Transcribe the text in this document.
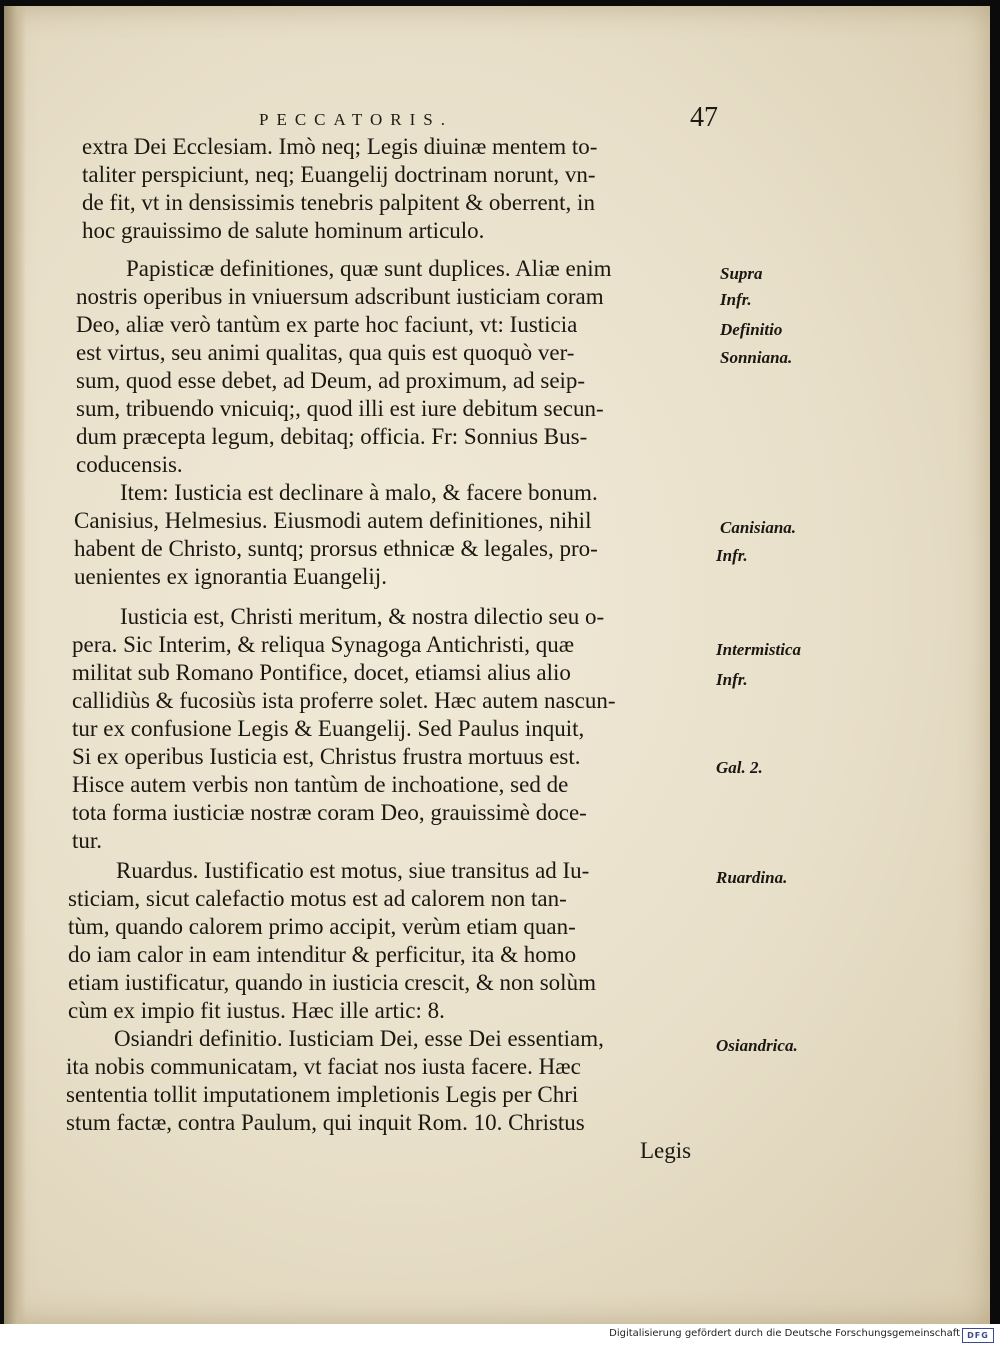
PECCATORIS.	47
extra Dei Ecclesiam. Imò neq; Legis diuinæ mentem to-
taliter perspiciunt, neq; Euangelij doctrinam norunt, vn-
de fit, vt in densissimis tenebris palpitent & oberrent, in
hoc grauissimo de salute hominum articulo.
Papisticæ definitiones, quæ sunt duplices. Aliæ enim
nostris operibus in vniuersum adscribunt iusticiam coram
Deo, aliæ verò tantùm ex parte hoc faciunt, vt: Iusticia
est virtus, seu animi qualitas, qua quis est quoquò ver-
sum, quod esse debet, ad Deum, ad proximum, ad seip-
sum, tribuendo vnicuiq;, quod illi est iure debitum secun-
dum præcepta legum, debitaq; officia. Fr: Sonnius Bus-
coducensis.
Item: Iusticia est declinare à malo, & facere bonum.
Canisius, Helmesius. Eiusmodi autem definitiones, nihil
habent de Christo, suntq; prorsus ethnicæ & legales, pro-
uenientes ex ignorantia Euangelij.
Iusticia est, Christi meritum, & nostra dilectio seu o-
pera. Sic Interim, & reliqua Synagoga Antichristi, quæ
militat sub Romano Pontifice, docet, etiamsi alius alio
callidiùs & fucosiùs ista proferre solet. Hæc autem nascun-
tur ex confusione Legis & Euangelij. Sed Paulus inquit,
Si ex operibus Iusticia est, Christus frustra mortuus est.
Hisce autem verbis non tantùm de inchoatione, sed de
tota forma iusticiæ nostræ coram Deo, grauissimè doce-
tur.
Ruardus. Iustificatio est motus, siue transitus ad Iu-
sticiam, sicut calefactio motus est ad calorem non tan-
tùm, quando calorem primo accipit, verùm etiam quan-
do iam calor in eam intenditur & perficitur, ita & homo
etiam iustificatur, quando in iusticia crescit, & non solùm
cùm ex impio fit iustus. Hæc ille artic: 8.
Osiandri definitio. Iusticiam Dei, esse Dei essentiam,
ita nobis communicatam, vt faciat nos iusta facere. Hæc
sententia tollit imputationem impletionis Legis per Chri
stum factæ, contra Paulum, qui inquit Rom. 10. Christus
Legis
Supra
Infr.
Definitio
Sonniana.
Canisiana.
Infr.
Intermistica
Infr.
Gal. 2.
Ruardina.
Osiandrica.
Digitalisierung gefördert durch die Deutsche Forschungsgemeinschaft DFG
